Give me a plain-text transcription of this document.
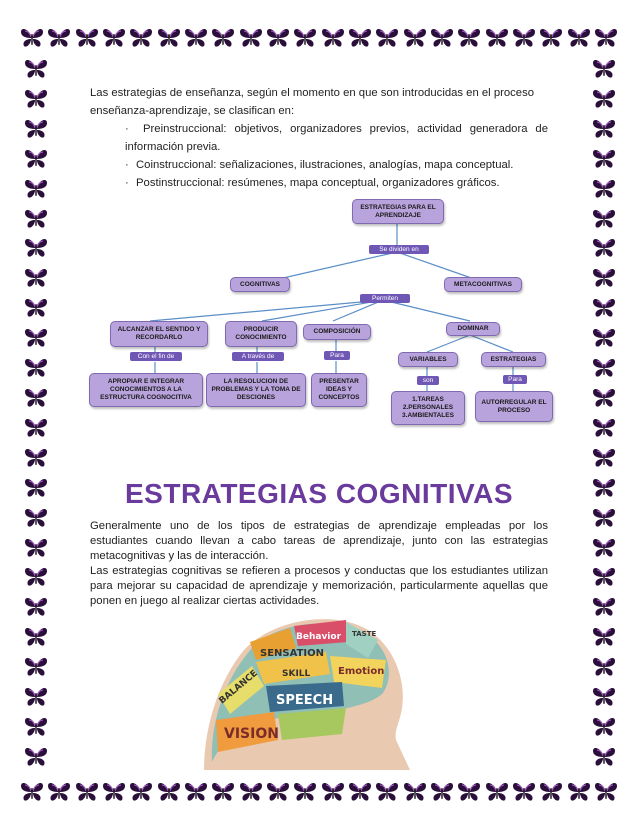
Las estrategias de enseñanza, según el momento en que son introducidas en el proceso
enseñanza-aprendizaje, se clasifican en:
· Preinstruccional: objetivos, organizadores previos, actividad generadora de
información previa.
· Coinstruccional: señalizaciones, ilustraciones, analogías, mapa conceptual.
· Postinstruccional: resúmenes, mapa conceptual, organizadores gráficos.
ESTRATEGIAS PARA EL APRENDIZAJE
Se dividen en
COGNITIVAS	METACOGNITIVAS
Permiten
ALCANZAR EL SENTIDO Y RECORDARLO
PRODUCIR CONOCIMIENTO
COMPOSICIÓN	DOMINAR
Con el fin de	A través de	Para	VARIABLES	ESTRATEGIAS
APROPIAR E INTEGRAR CONOCIMIENTOS A LA ESTRUCTURA COGNOCITIVA
LA RESOLUCION DE PROBLEMAS Y LA TOMA DE DESCIONES
PRESENTAR IDEAS Y CONCEPTOS
son	Para
1.TAREAS 2.PERSONALES 3.AMBIENTALES
AUTORREGULAR EL PROCESO
ESTRATEGIAS COGNITIVAS
Generalmente uno de los tipos de estrategias de aprendizaje empleadas por los
estudiantes cuando llevan a cabo tareas de aprendizaje, junto con las estrategias
metacognitivas y las de interacción.
Las estrategias cognitivas se refieren a procesos y conductas que los estudiantes utilizan
para mejorar su capacidad de aprendizaje y memorización, particularmente aquellas que
ponen en juego al realizar ciertas actividades.
Behavior
SENSATION
Emotion
BALANCE SKILL
SPEECH
VISION
TASTE
